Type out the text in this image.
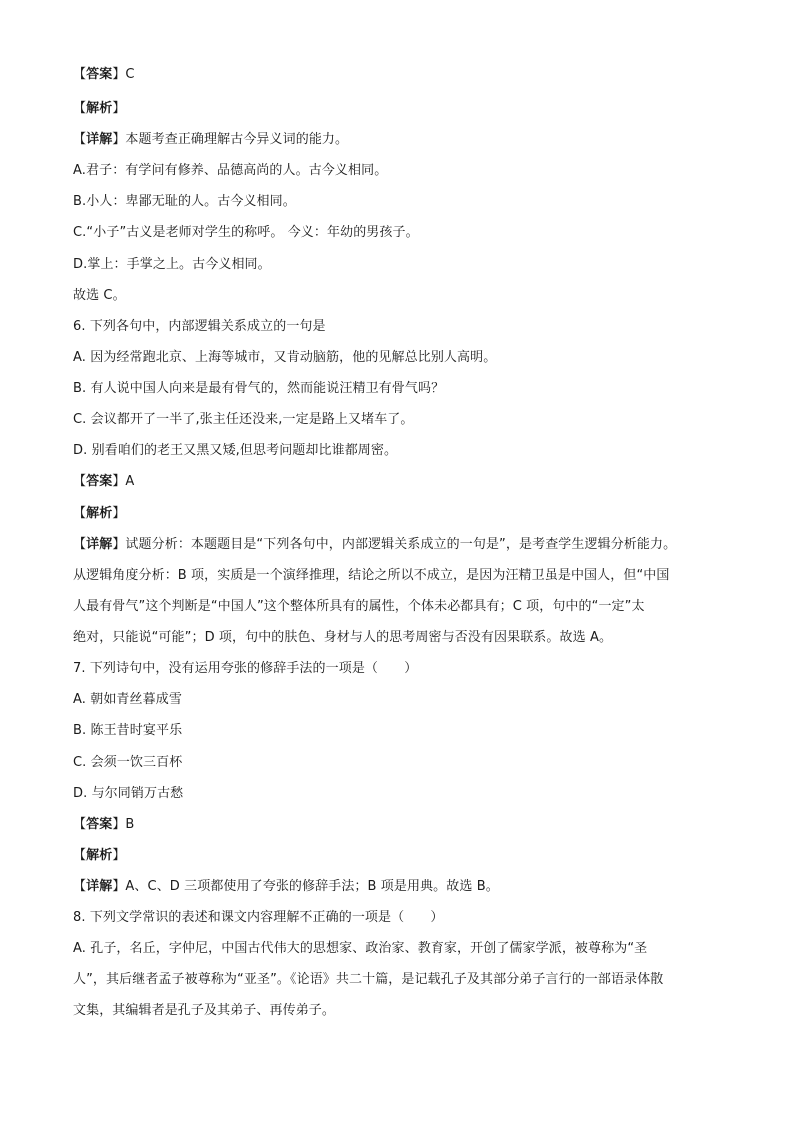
【 答案 】 C
【 解析 】
【 详解 】 本题考查正确理解古今异义词的能力。
A.君子：有学问有修养、品德高尚的人。古今义相同。
B.小人：卑鄙无耻的人。古今义相同。
C.“小子”古义是老师对学生的称呼。 今义：年幼的男孩子。
D.掌上：手掌之上。古今义相同。
故选 C。
6. 下列各句中，内部逻辑关系成立的一句是
A. 因为经常跑北京、上海等城市，又肯动脑筋，他的见解总比别人高明。
B. 有人说中国人向来是最有骨气的，然而能说汪精卫有骨气吗？
C. 会议都开了一半了,张主任还没来,一定是路上又堵车了。
D. 别看咱们的老王又黑又矮,但思考问题却比谁都周密。
【 答案 】 A
【 解析 】
【 详解 】 试题分析：本题题目是“下列各句中，内部逻辑关系成立的一句是”，是考查学生逻辑分析能力。
从逻辑角度分析：B 项，实质是一个演绎推理，结论之所以不成立，是因为汪精卫虽是中国人，但“中国
人最有骨气”这个判断是“中国人”这个整体所具有的属性，个体未必都具有；C 项，句中的“一定”太
绝对，只能说“可能”；D 项，句中的肤色、身材与人的思考周密与否没有因果联系。故选 A。
7. 下列诗句中，没有运用夸张的修辞手法的一项是（　　）
A. 朝如青丝暮成雪
B. 陈王昔时宴平乐
C. 会须一饮三百杯
D. 与尔同销万古愁
【 答案 】 B
【 解析 】
【 详解 】 A、C、D 三项都使用了夸张的修辞手法；B 项是用典。故选 B。
8. 下列文学常识的表述和课文内容理解不正确的一项是（　　）
A. 孔子，名丘，字仲尼，中国古代伟大的思想家、政治家、教育家，开创了儒家学派，被尊称为“圣
人”，其后继者孟子被尊称为“亚圣”。《论语》共二十篇，是记载孔子及其部分弟子言行的一部语录体散
文集，其编辑者是孔子及其弟子、再传弟子。
